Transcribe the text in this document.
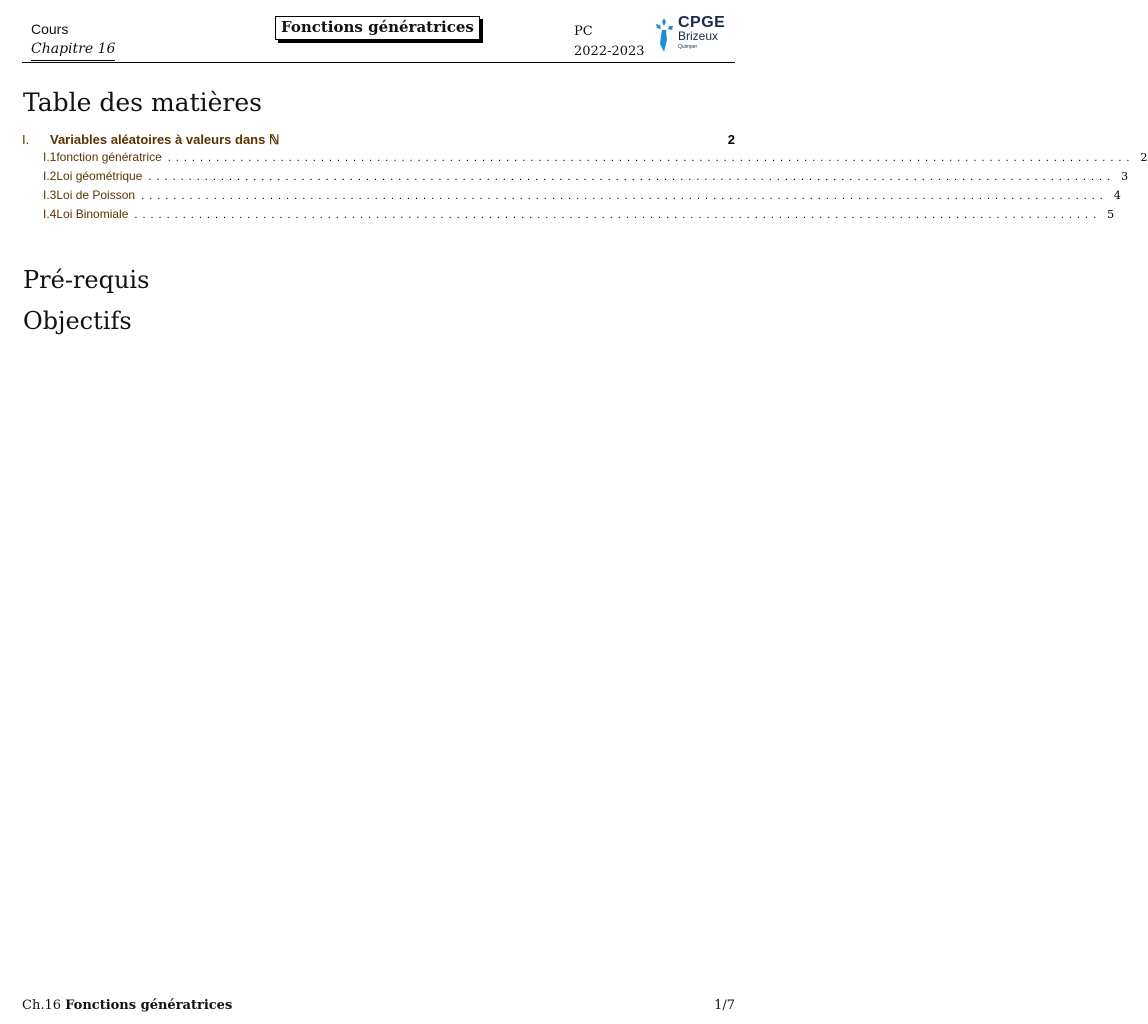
Cours
Chapitre 16
Fonctions génératrices	PC
2022-2023
CPGE
Brizeux
Quimper
Table des matières
I.	Variables aléatoires à valeurs dans ℕ	2
I.1 fonction génératrice ........................................................................................................................ 2
I.2 Loi géométrique ........................................................................................................................ 3
I.3 Loi de Poisson ........................................................................................................................ 4
I.4 Loi Binomiale ........................................................................................................................ 5
Pré-requis
Objectifs
Ch.16 Fonctions génératrices	1/7
